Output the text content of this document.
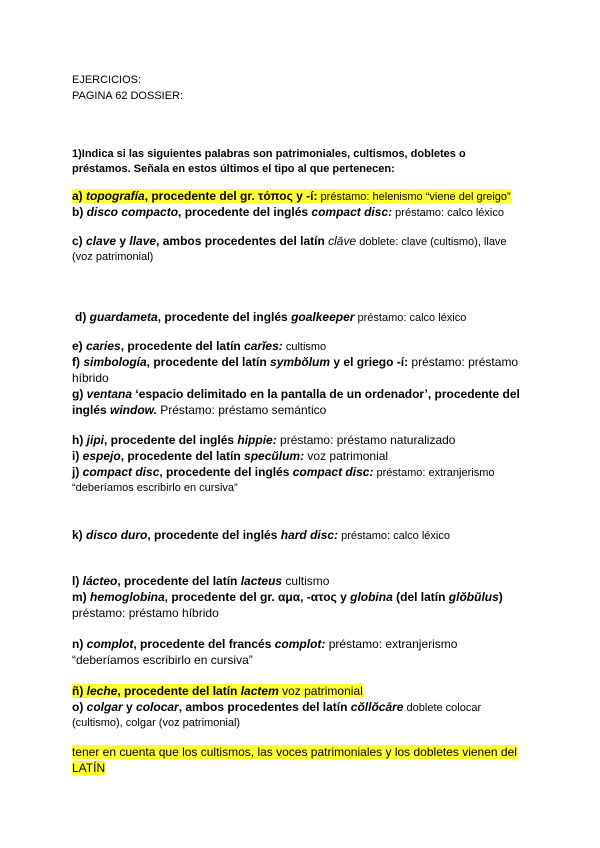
EJERCICIOS:
PAGINA 62 DOSSIER:
1)Indica si las siguientes palabras son patrimoniales, cultismos, dobletes o
préstamos. Señala en estos últimos el tipo al que pertenecen:
a) topografía, procedente del gr. τόπος y -í: préstamo: helenismo “viene del greigo”
b) disco compacto, procedente del inglés compact disc: préstamo: calco léxico
c) clave y llave, ambos procedentes del latín clāve doblete: clave (cultismo), llave
(voz patrimonial)
d) guardameta, procedente del inglés goalkeeper préstamo: calco léxico
e) caries, procedente del latín carĭes: cultismo
f) simbología, procedente del latín symbŏlum y el griego -í: préstamo: préstamo
híbrido
g) ventana ‘espacio delimitado en la pantalla de un ordenador’, procedente del
inglés window. Préstamo: préstamo semántico
h) jipi, procedente del inglés hippie: préstamo: préstamo naturalizado
i) espejo, procedente del latín specŭlum: voz patrimonial
j) compact disc, procedente del inglés compact disc: préstamo: extranjerismo
“deberíamos escribirlo en cursiva”
k) disco duro, procedente del inglés hard disc: préstamo: calco léxico
l) lácteo, procedente del latín lacteus cultismo
m) hemoglobina, procedente del gr. αμα, -ατος y globina (del latín glŏbŭlus)
préstamo: préstamo híbrido
n) complot, procedente del francés complot: préstamo: extranjerismo
“deberíamos escribirlo en cursiva”
ñ) leche, procedente del latín lactem voz patrimonial
o) colgar y colocar, ambos procedentes del latín cŏllŏcāre doblete colocar
(cultismo), colgar (voz patrimonial)
tener en cuenta que los cultismos, las voces patrimoniales y los dobletes vienen del
LATÍN
